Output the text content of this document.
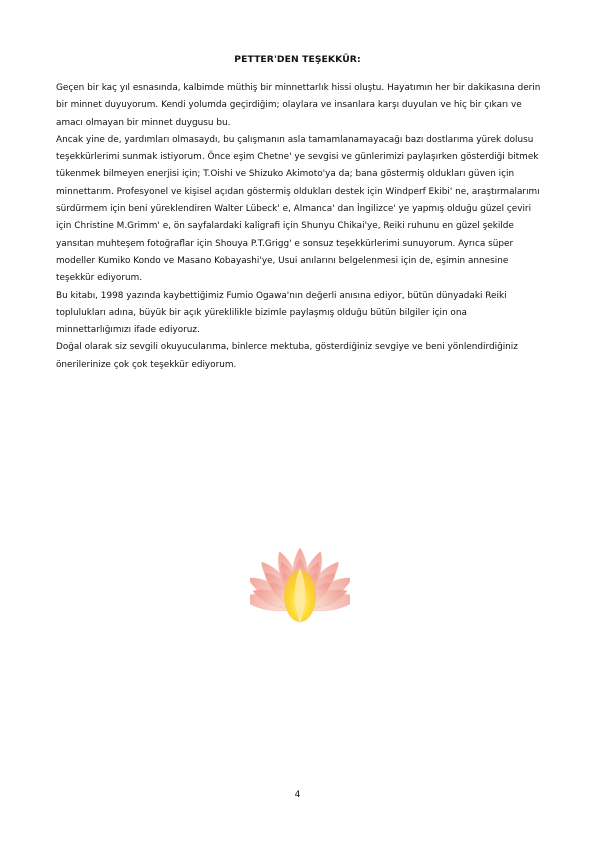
PETTER'DEN TEŞEKKÜR:

Geçen bir kaç yıl esnasında, kalbimde müthiş bir minnettarlık hissi oluştu. Hayatımın her bir dakikasına derin bir minnet duyuyorum. Kendi yolumda geçirdiğim; olaylara ve insanlara karşı duyulan ve hiç bir çıkarı ve amacı olmayan bir minnet duygusu bu.

Ancak yine de, yardımları olmasaydı, bu çalışmanın asla tamamlanamayacağı bazı dostlarıma yürek dolusu teşekkürlerimi sunmak istiyorum. Önce eşim Chetne' ye sevgisi ve günlerimizi paylaşırken gösterdiği bitmek tükenmek bilmeyen enerjisi için; T.Oishi ve Shizuko Akimoto'ya da; bana göstermiş oldukları güven için minnettarım. Profesyonel ve kişisel açıdan göstermiş oldukları destek için Windperf Ekibi' ne, araştırmalarımı sürdürmem için beni yüreklendiren Walter Lübeck' e, Almanca' dan İngilizce' ye yapmış olduğu güzel çeviri için Christine M.Grimm' e, ön sayfalardaki kaligrafi için Shunyu Chikai'ye, Reiki ruhunu en güzel şekilde yansıtan muhteşem fotoğraflar için Shouya P.T.Grigg' e sonsuz teşekkürlerimi sunuyorum. Ayrıca süper modeller Kumiko Kondo ve Masano Kobayashi'ye, Usui anılarını belgelenmesi için de, eşimin annesine teşekkür ediyorum.

Bu kitabı, 1998 yazında kaybettiğimiz Fumio Ogawa'nın değerli anısına ediyor, bütün dünyadaki Reiki toplulukları adına, büyük bir açık yüreklilikle bizimle paylaşmış olduğu bütün bilgiler için ona minnettarlığımızı ifade ediyoruz.

Doğal olarak siz sevgili okuyucularıma, binlerce mektuba, gösterdiğiniz sevgiye ve beni yönlendirdiğiniz önerilerinize çok çok teşekkür ediyorum.

4
